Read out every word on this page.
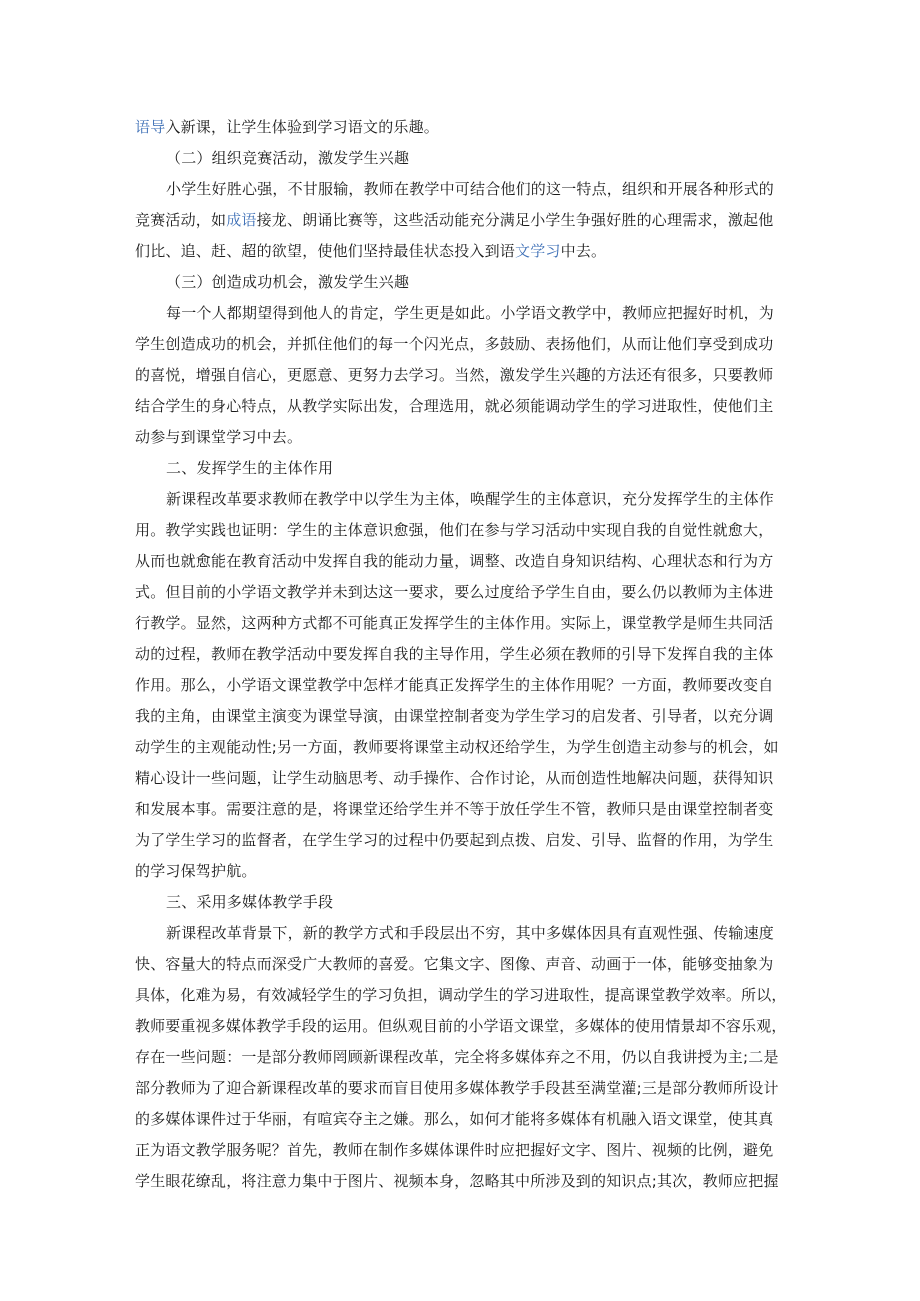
语导入新课，让学生体验到学习语文的乐趣。
（二）组织竞赛活动，激发学生兴趣
小学生好胜心强，不甘服输，教师在教学中可结合他们的这一特点，组织和开展各种形式的
竞赛活动，如成语接龙、朗诵比赛等，这些活动能充分满足小学生争强好胜的心理需求，激起他
们比、追、赶、超的欲望，使他们坚持最佳状态投入到语文学习中去。
（三）创造成功机会，激发学生兴趣
每一个人都期望得到他人的肯定，学生更是如此。小学语文教学中，教师应把握好时机，为
学生创造成功的机会，并抓住他们的每一个闪光点，多鼓励、表扬他们，从而让他们享受到成功
的喜悦，增强自信心，更愿意、更努力去学习。当然，激发学生兴趣的方法还有很多，只要教师
结合学生的身心特点，从教学实际出发，合理选用，就必须能调动学生的学习进取性，使他们主
动参与到课堂学习中去。
二、发挥学生的主体作用
新课程改革要求教师在教学中以学生为主体，唤醒学生的主体意识，充分发挥学生的主体作
用。教学实践也证明：学生的主体意识愈强，他们在参与学习活动中实现自我的自觉性就愈大，
从而也就愈能在教育活动中发挥自我的能动力量，调整、改造自身知识结构、心理状态和行为方
式。但目前的小学语文教学并未到达这一要求，要么过度给予学生自由，要么仍以教师为主体进
行教学。显然，这两种方式都不可能真正发挥学生的主体作用。实际上，课堂教学是师生共同活
动的过程，教师在教学活动中要发挥自我的主导作用，学生必须在教师的引导下发挥自我的主体
作用。那么，小学语文课堂教学中怎样才能真正发挥学生的主体作用呢？一方面，教师要改变自
我的主角，由课堂主演变为课堂导演，由课堂控制者变为学生学习的启发者、引导者，以充分调
动学生的主观能动性;另一方面，教师要将课堂主动权还给学生，为学生创造主动参与的机会，如
精心设计一些问题，让学生动脑思考、动手操作、合作讨论，从而创造性地解决问题，获得知识
和发展本事。需要注意的是，将课堂还给学生并不等于放任学生不管，教师只是由课堂控制者变
为了学生学习的监督者，在学生学习的过程中仍要起到点拨、启发、引导、监督的作用，为学生
的学习保驾护航。
三、采用多媒体教学手段
新课程改革背景下，新的教学方式和手段层出不穷，其中多媒体因具有直观性强、传输速度
快、容量大的特点而深受广大教师的喜爱。它集文字、图像、声音、动画于一体，能够变抽象为
具体，化难为易，有效减轻学生的学习负担，调动学生的学习进取性，提高课堂教学效率。所以，
教师要重视多媒体教学手段的运用。但纵观目前的小学语文课堂，多媒体的使用情景却不容乐观，
存在一些问题：一是部分教师罔顾新课程改革，完全将多媒体弃之不用，仍以自我讲授为主;二是
部分教师为了迎合新课程改革的要求而盲目使用多媒体教学手段甚至满堂灌;三是部分教师所设计
的多媒体课件过于华丽，有喧宾夺主之嫌。那么，如何才能将多媒体有机融入语文课堂，使其真
正为语文教学服务呢？首先，教师在制作多媒体课件时应把握好文字、图片、视频的比例，避免
学生眼花缭乱，将注意力集中于图片、视频本身，忽略其中所涉及到的知识点;其次，教师应把握
